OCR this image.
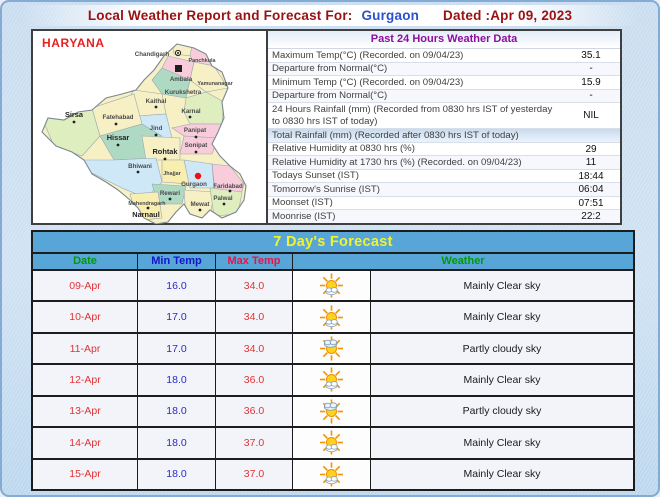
Local Weather Report and Forecast For: Gurgaon Dated :Apr 09, 2023
HARYANA
Chandigarh
Panchkula
Ambala
Yamunanagar
Kurukshetra
Kaithal
Karnal
Sirsa	Fatehabad
Jind	Panipat
Hissar
Sonipat
Rohtak
Bhiwani
Jhajjar
Gurgaon Faridabad
Rewari
Mahendragarh
Narnaul
Mewat
Palwal
Past 24 Hours Weather Data
Maximum Temp(°C) (Recorded. on 09/04/23)	35.1
Departure from Normal(°C)	-
Minimum Temp (°C) (Recorded. on 09/04/23)	15.9
Departure from Normal(°C)	-
24 Hours Rainfall (mm) (Recorded from 0830 hrs IST of yesterday to 0830 hrs IST of today)	NIL
Total Rainfall (mm) (Recorded after 0830 hrs IST of today)
Relative Humidity at 0830 hrs (%)	29
Relative Humidity at 1730 hrs (%) (Recorded. on 09/04/23)	11
Todays Sunset (IST)	18:44
Tomorrow's Sunrise (IST)	06:04
Moonset (IST)	07:51
Moonrise (IST)	22:2
7 Day's Forecast
Date	Min Temp	Max Temp	Weather
09-Apr	16.0	34.0	Mainly Clear sky
10-Apr	17.0	34.0	Mainly Clear sky
11-Apr	17.0	34.0	Partly cloudy sky
12-Apr	18.0	36.0	Mainly Clear sky
13-Apr	18.0	36.0	Partly cloudy sky
14-Apr	18.0	37.0	Mainly Clear sky
15-Apr	18.0	37.0	Mainly Clear sky
